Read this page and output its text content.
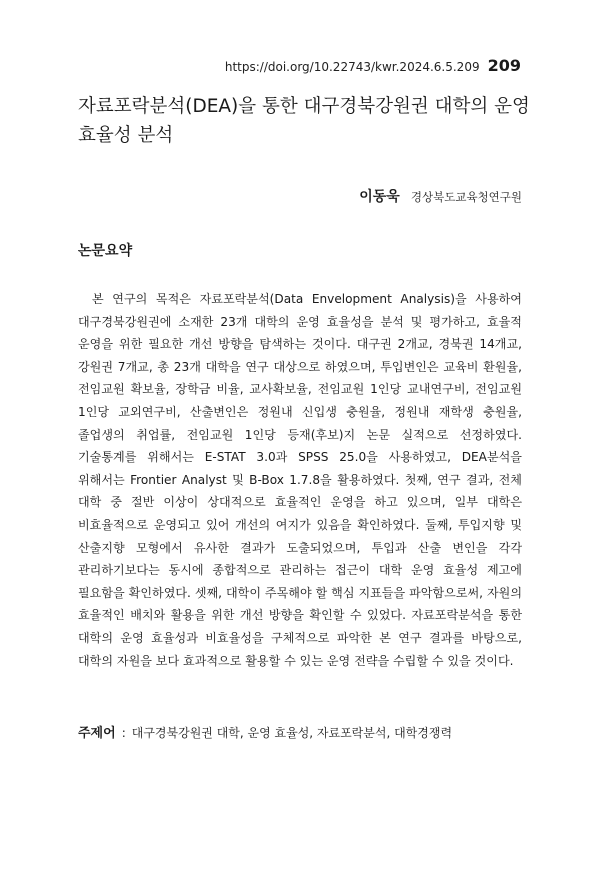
https://doi.org/10.22743/kwr.2024.6.5.209 209
자료포락분석(DEA)을 통한 대구경북강원권 대학의 운영 효율성 분석
이동욱 경상북도교육청연구원
논문요약

본 연구의 목적은 자료포락분석(Data Envelopment Analysis)을 사용하여 대구경북강원권에 소재한 23개 대학의 운영 효율성을 분석 및 평가하고, 효율적 운영을 위한 필요한 개선 방향을 탐색하는 것이다. 대구권 2개교, 경북권 14개교, 강원권 7개교, 총 23개 대학을 연구 대상으로 하였으며, 투입변인은 교육비 환원율, 전임교원 확보율, 장학금 비율, 교사확보율, 전임교원 1인당 교내연구비, 전임교원 1인당 교외연구비, 산출변인은 정원내 신입생 충원율, 정원내 재학생 충원율, 졸업생의 취업률, 전임교원 1인당 등재(후보)지 논문 실적으로 선정하였다. 기술통계를 위해서는 E-STAT 3.0과 SPSS 25.0을 사용하였고, DEA분석을 위해서는 Frontier Analyst 및 B-Box 1.7.8을 활용하였다. 첫째, 연구 결과, 전체 대학 중 절반 이상이 상대적으로 효율적인 운영을 하고 있으며, 일부 대학은 비효율적으로 운영되고 있어 개선의 여지가 있음을 확인하였다. 둘째, 투입지향 및 산출지향 모형에서 유사한 결과가 도출되었으며, 투입과 산출 변인을 각각 관리하기보다는 동시에 종합적으로 관리하는 접근이 대학 운영 효율성 제고에 필요함을 확인하였다. 셋째, 대학이 주목해야 할 핵심 지표들을 파악함으로써, 자원의 효율적인 배치와 활용을 위한 개선 방향을 확인할 수 있었다. 자료포락분석을 통한 대학의 운영 효율성과 비효율성을 구체적으로 파악한 본 연구 결과를 바탕으로, 대학의 자원을 보다 효과적으로 활용할 수 있는 운영 전략을 수립할 수 있을 것이다.

주제어 : 대구경북강원권 대학, 운영 효율성, 자료포락분석, 대학경쟁력
